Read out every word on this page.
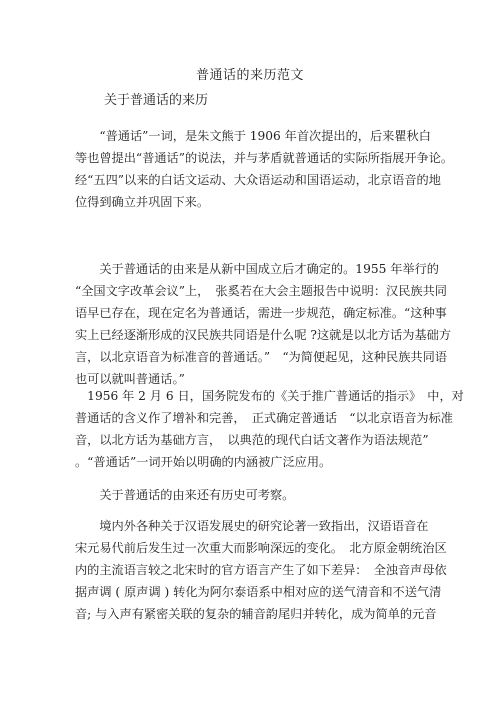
普通话的来历范文
关于普通话的来历
　　“普通话”一词，是朱文熊于 1906 年首次提出的，后来瞿秋白
等也曾提出“普通话”的说法，并与茅盾就普通话的实际所指展开争论。
经“五四”以来的白话文运动、大众语运动和国语运动，北京语音的地
位得到确立并巩固下来。
　　关于普通话的由来是从新中国成立后才确定的。1955 年举行的
“全国文字改革会议”上，　张奚若在大会主题报告中说明：汉民族共同
语早已存在，现在定名为普通话，需进一步规范，确定标准。“这种事
实上已经逐渐形成的汉民族共同语是什么呢 ?这就是以北方话为基础方
言，以北京语音为标准音的普通话。”　“为简便起见，这种民族共同语
也可以就叫普通话。”
　1956 年 2 月 6 日，国务院发布的《关于推广普通话的指示》　中，对
普通话的含义作了增补和完善，　正式确定普通话　“以北京语音为标准
音，以北方话为基础方言，　以典范的现代白话文著作为语法规范”
。“普通话”一词开始以明确的内涵被广泛应用。
　　关于普通话的由来还有历史可考察。
　　境内外各种关于汉语发展史的研究论著一致指出，汉语语音在
宋元易代前后发生过一次重大而影响深远的变化。　北方原金朝统治区
内的主流语言较之北宋时的官方语言产生了如下差异：　全浊音声母依
据声调 ( 原声调 ) 转化为阿尔泰语系中相对应的送气清音和不送气清
音; 与入声有紧密关联的复杂的辅音韵尾归并转化，成为简单的元音
